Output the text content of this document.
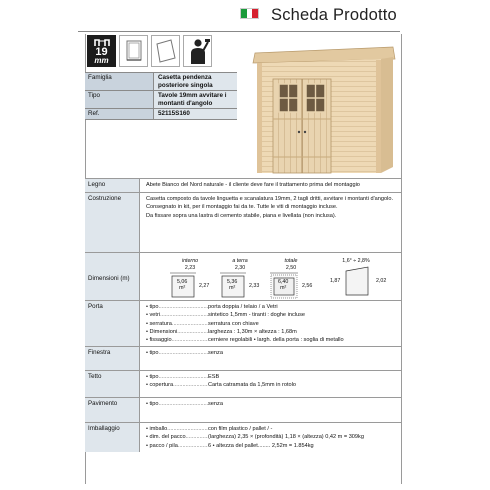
Scheda Prodotto
19
mm
Famiglia	Casetta pendenza posteriore singola
Tipo	Tavole 19mm avvitare i montanti d'angolo
Ref.	52115S160
Legno	Abete Bianco del Nord naturale - il cliente deve fare il trattamento prima del montaggio
Costruzione	Casetta composto da tavole linguetta e scanalatura 19mm, 2 tagli dritti, avvitare i montanti d'angolo.
Consegnato in kit, per il montaggio fai da te. Tutte le viti di montaggio incluse.
Da fissare sopra una lastra di cemento stabile, piana e livellata (non inclusa).
Dimensioni (m)
interno
2,23
5,06
m²	2,27
a terra
2,30
5,36
m²	2,33
totale
2,50
6,40
m²	2,56
1,6° ÷ 2,8%
1,87	2,02
Porta	• tipo .....	porta doppia / telaio / a Vetri
• vetri .....	sintetico 1,5mm - tiranti : doghe incluse
• serratura .....	serratura con chiave
• Dimensioni .....	larghezza : 1,30m × altezza : 1,68m
• fissaggio .....	cerniere regolabili • largh. della porta : soglia di metallo
Finestra	• tipo .....	senza
Tetto	• tipo .....	ESB
• copertura .....	Carta catramata da 1,5mm in rotolo
Pavimento	• tipo .....	senza
Imballaggio	• imballo .....	con film plastico / pallet / -
• dim. del pacco .....	(larghezza) 2,35 × (profondità) 1,18 × (altezza) 0,42 m = 309kg
• pacco / pila .....	6 • altezza del pallet........ 2,52m = 1.854kg
